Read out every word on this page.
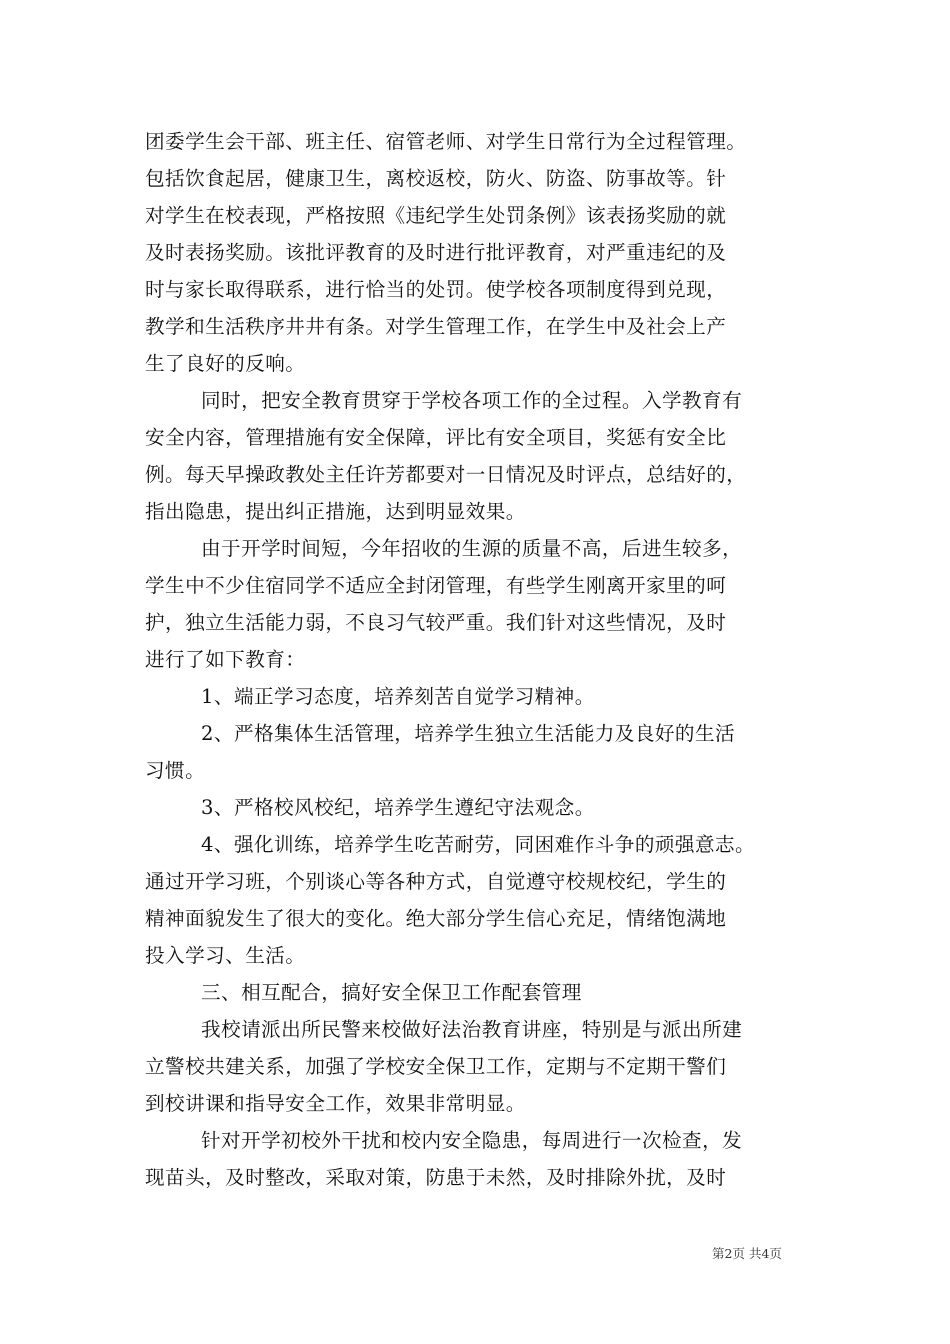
团委学生会干部、班主任、宿管老师、对学生日常行为全过程管理。
包括饮食起居，健康卫生，离校返校，防火、防盗、防事故等。针
对学生在校表现，严格按照《违纪学生处罚条例》该表扬奖励的就
及时表扬奖励。该批评教育的及时进行批评教育，对严重违纪的及
时与家长取得联系，进行恰当的处罚。使学校各项制度得到兑现，
教学和生活秩序井井有条。对学生管理工作，在学生中及社会上产
生了良好的反响。
同时，把安全教育贯穿于学校各项工作的全过程。入学教育有
安全内容，管理措施有安全保障，评比有安全项目，奖惩有安全比
例。每天早操政教处主任许芳都要对一日情况及时评点，总结好的，
指出隐患，提出纠正措施，达到明显效果。
由于开学时间短，今年招收的生源的质量不高，后进生较多，
学生中不少住宿同学不适应全封闭管理，有些学生刚离开家里的呵
护，独立生活能力弱，不良习气较严重。我们针对这些情况，及时
进行了如下教育：
1、端正学习态度，培养刻苦自觉学习精神。
2、严格集体生活管理，培养学生独立生活能力及良好的生活
习惯。
3、严格校风校纪，培养学生遵纪守法观念。
4、强化训练，培养学生吃苦耐劳，同困难作斗争的顽强意志。
通过开学习班，个别谈心等各种方式，自觉遵守校规校纪，学生的
精神面貌发生了很大的变化。绝大部分学生信心充足，情绪饱满地
投入学习、生活。
三、相互配合，搞好安全保卫工作配套管理
我校请派出所民警来校做好法治教育讲座，特别是与派出所建
立警校共建关系，加强了学校安全保卫工作，定期与不定期干警们
到校讲课和指导安全工作，效果非常明显。
针对开学初校外干扰和校内安全隐患，每周进行一次检查，发
现苗头，及时整改，采取对策，防患于未然，及时排除外扰，及时
第2页 共4页
